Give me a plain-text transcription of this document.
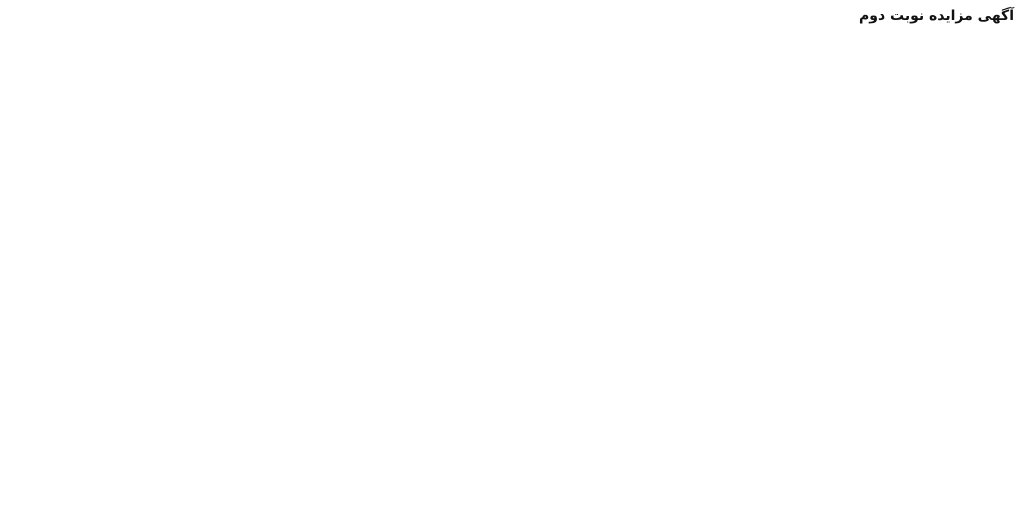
آگهی مزایده نوبت دوم
